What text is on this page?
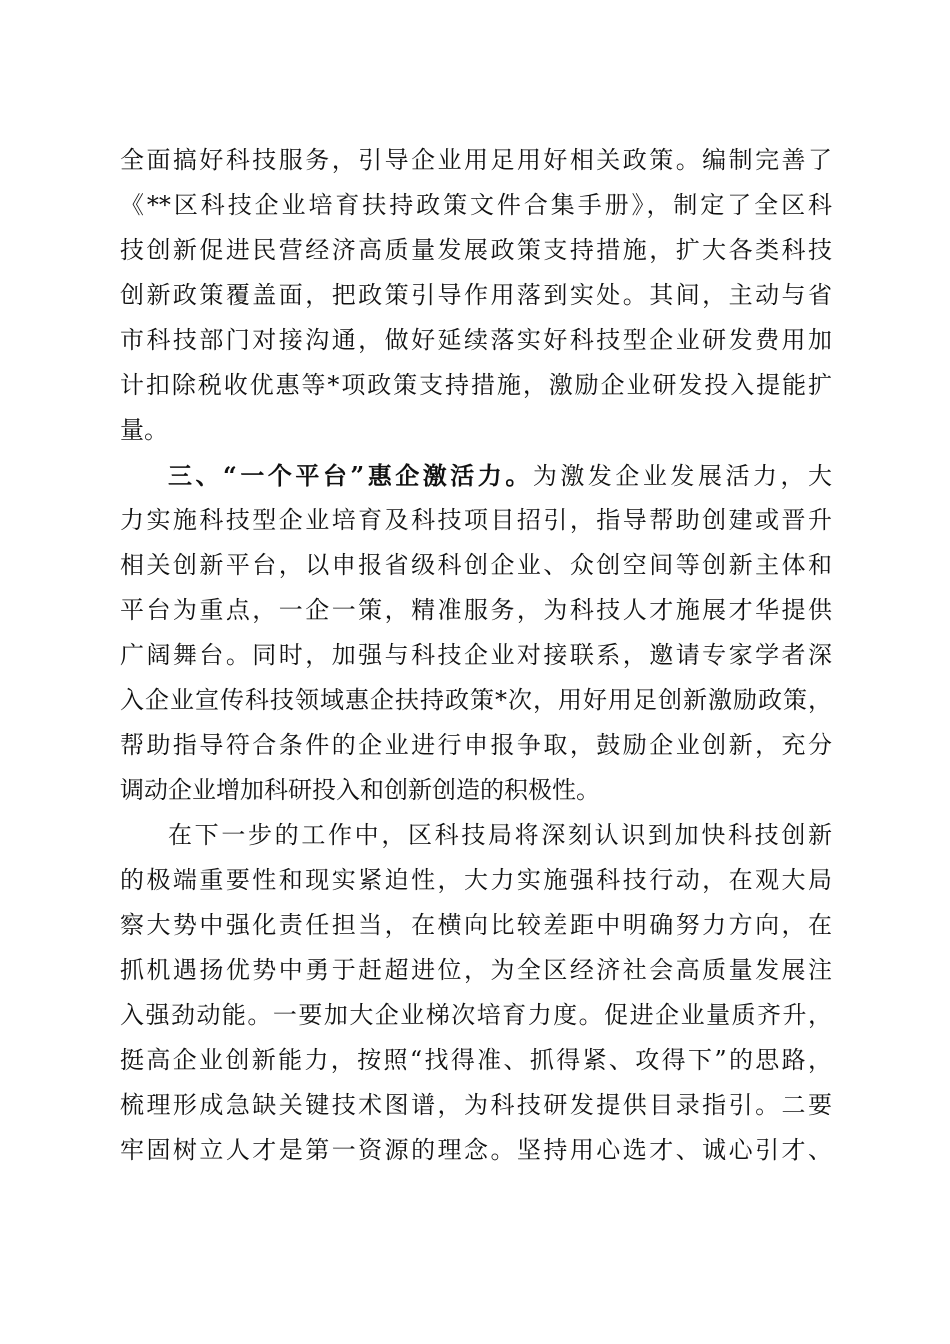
全面搞好科技服务，引导企业用足用好相关政策。编制完善了
《**区科技企业培育扶持政策文件合集手册》，制定了全区科
技创新促进民营经济高质量发展政策支持措施，扩大各类科技
创新政策覆盖面，把政策引导作用落到实处。其间，主动与省
市科技部门对接沟通，做好延续落实好科技型企业研发费用加
计扣除税收优惠等*项政策支持措施，激励企业研发投入提能扩
量。
三、“一个平台”惠企激活力。为激发企业发展活力，大
力实施科技型企业培育及科技项目招引，指导帮助创建或晋升
相关创新平台，以申报省级科创企业、众创空间等创新主体和
平台为重点，一企一策，精准服务，为科技人才施展才华提供
广阔舞台。同时，加强与科技企业对接联系，邀请专家学者深
入企业宣传科技领域惠企扶持政策*次，用好用足创新激励政策，
帮助指导符合条件的企业进行申报争取，鼓励企业创新，充分
调动企业增加科研投入和创新创造的积极性。
在下一步的工作中，区科技局将深刻认识到加快科技创新
的极端重要性和现实紧迫性，大力实施强科技行动，在观大局
察大势中强化责任担当，在横向比较差距中明确努力方向，在
抓机遇扬优势中勇于赶超进位，为全区经济社会高质量发展注
入强劲动能。一要加大企业梯次培育力度。促进企业量质齐升，
挺高企业创新能力，按照“找得准、抓得紧、攻得下”的思路，
梳理形成急缺关键技术图谱，为科技研发提供目录指引。二要
牢固树立人才是第一资源的理念。坚持用心选才、诚心引才、
